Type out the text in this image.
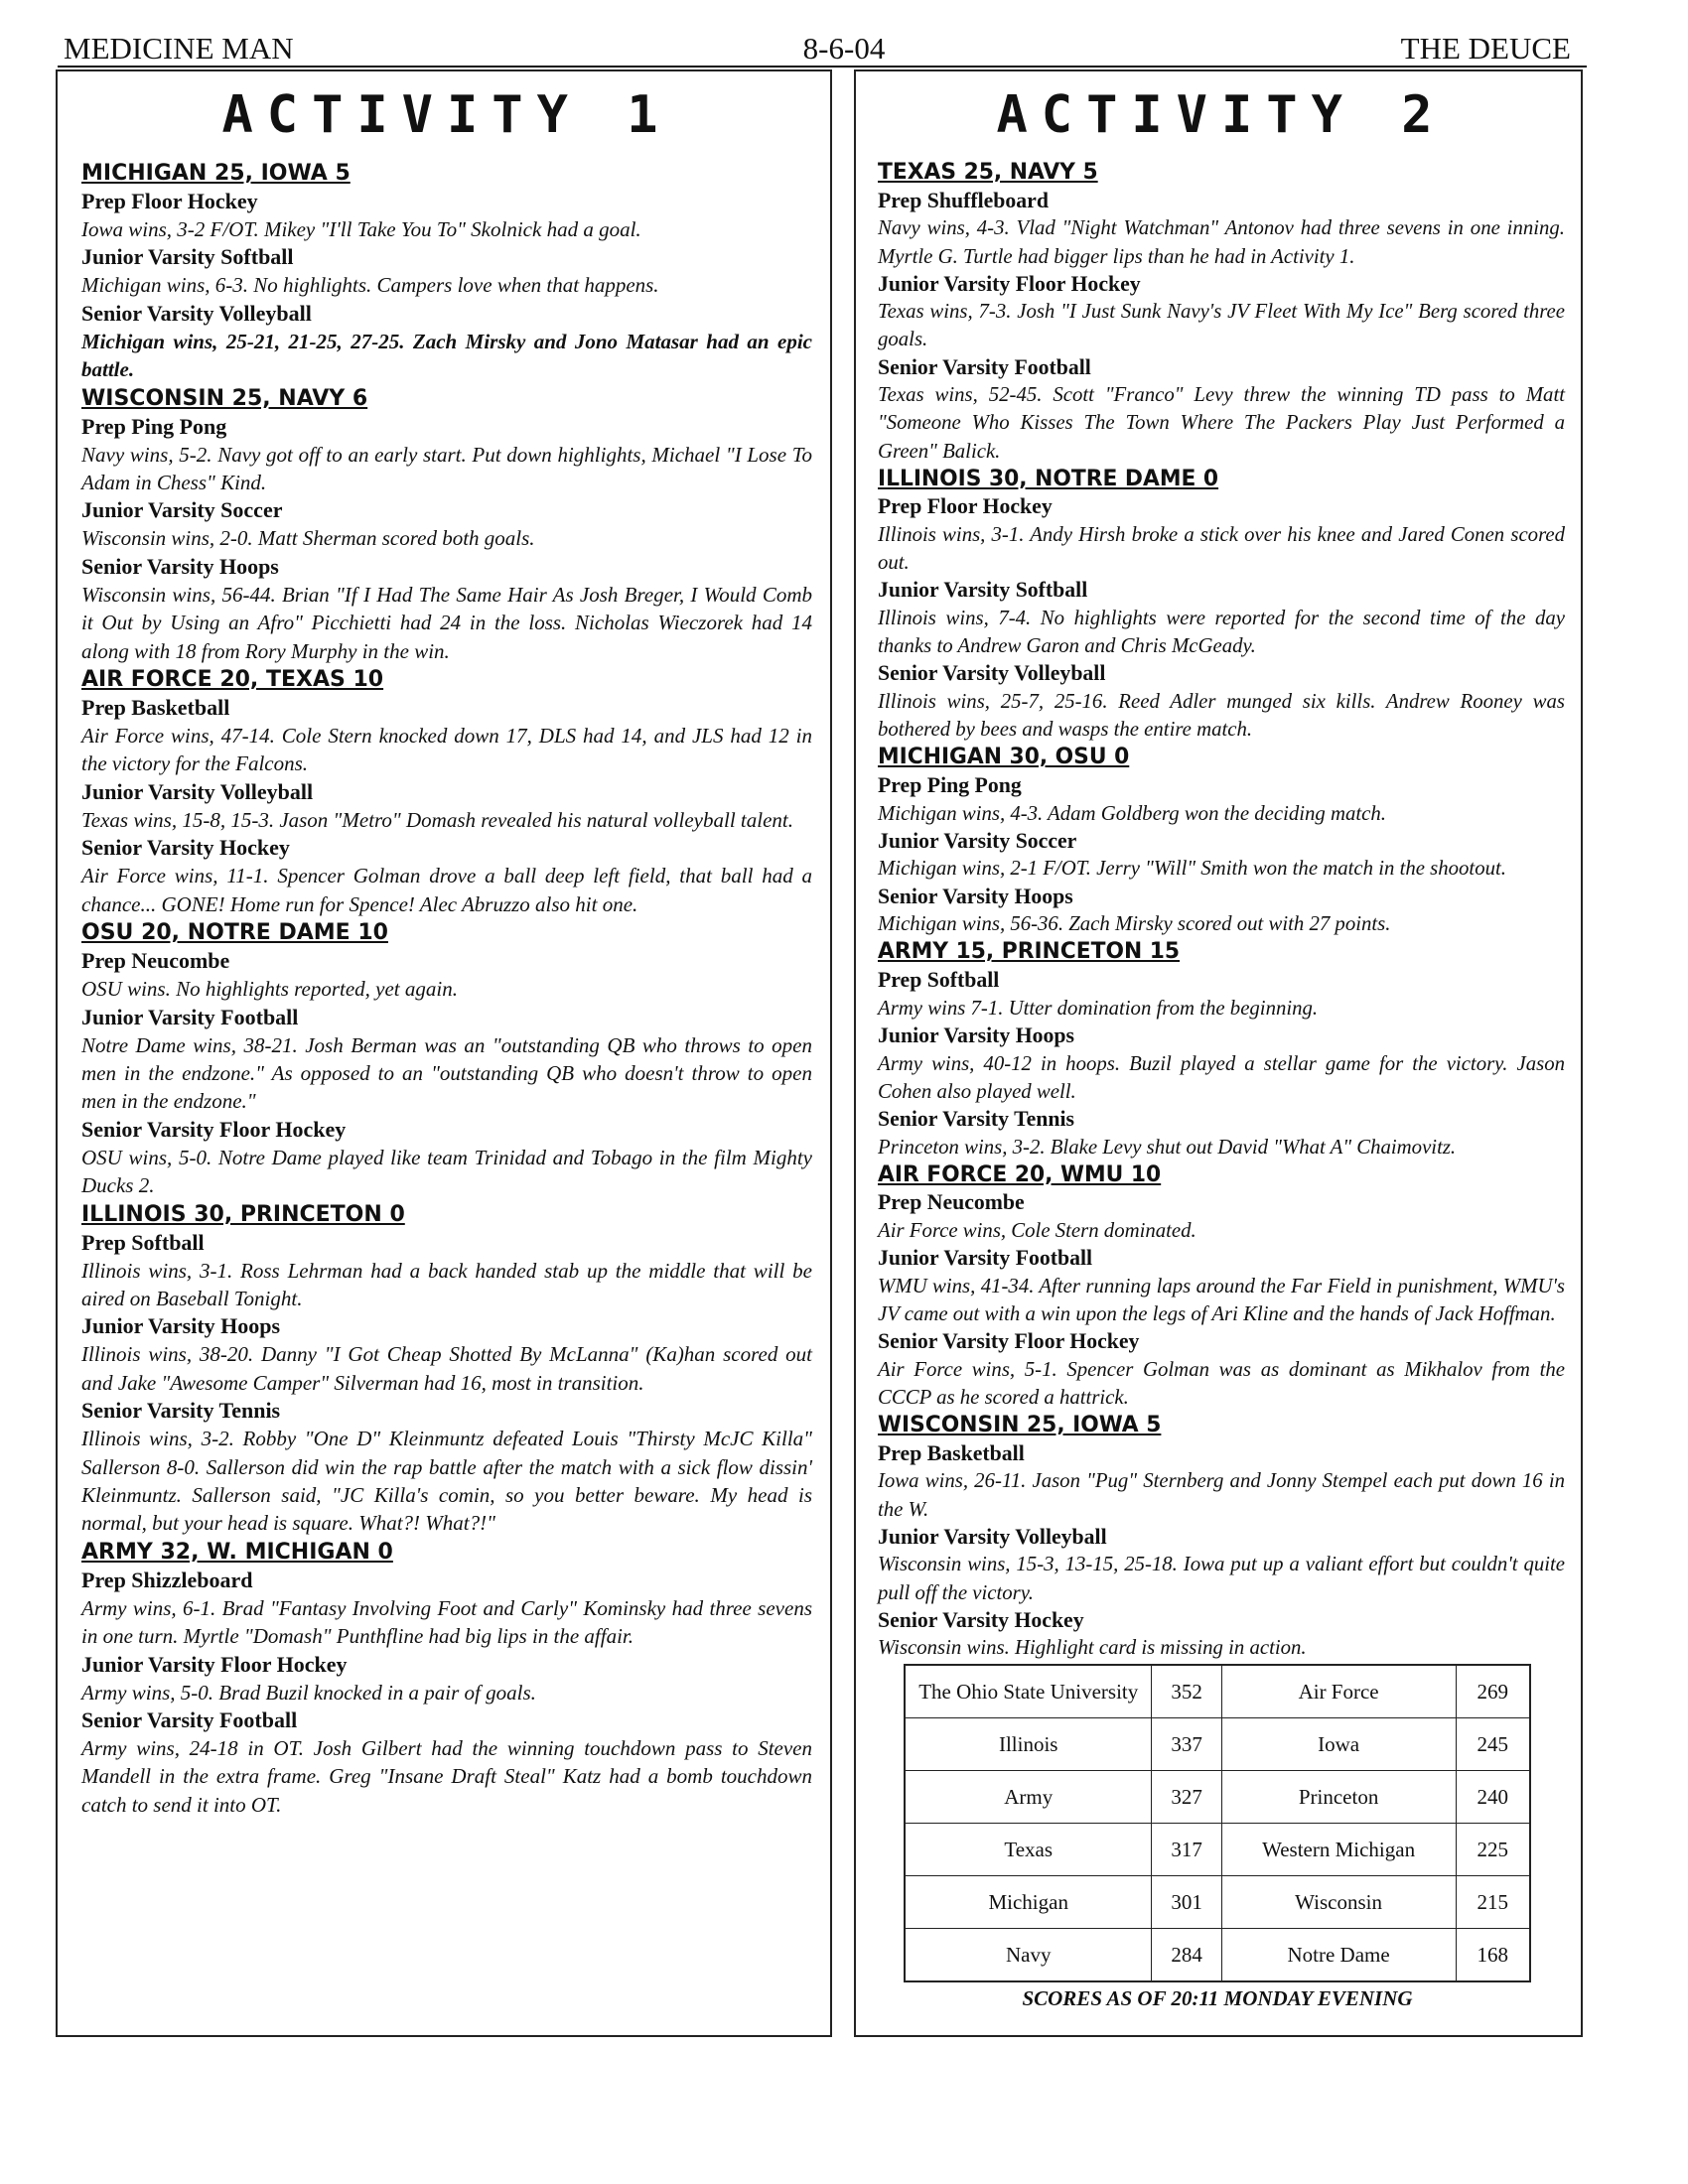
MEDICINE MAN	8-6-04	THE DEUCE
ACTIVITY 1
MICHIGAN 25, IOWA 5
Prep Floor Hockey
Iowa wins, 3-2 F/OT. Mikey "I'll Take You To" Skolnick had a goal.
Junior Varsity Softball
Michigan wins, 6-3. No highlights. Campers love when that happens.
Senior Varsity Volleyball
Michigan wins, 25-21, 21-25, 27-25. Zach Mirsky and Jono Matasar had an epic battle.
WISCONSIN 25, NAVY 6
Prep Ping Pong
Navy wins, 5-2. Navy got off to an early start. Put down highlights, Michael "I Lose To Adam in Chess" Kind.
Junior Varsity Soccer
Wisconsin wins, 2-0. Matt Sherman scored both goals.
Senior Varsity Hoops
Wisconsin wins, 56-44. Brian "If I Had The Same Hair As Josh Breger, I Would Comb it Out by Using an Afro" Picchietti had 24 in the loss. Nicholas Wieczorek had 14 along with 18 from Rory Murphy in the win.
AIR FORCE 20, TEXAS 10
Prep Basketball
Air Force wins, 47-14. Cole Stern knocked down 17, DLS had 14, and JLS had 12 in the victory for the Falcons.
Junior Varsity Volleyball
Texas wins, 15-8, 15-3. Jason "Metro" Domash revealed his natural volleyball talent.
Senior Varsity Hockey
Air Force wins, 11-1. Spencer Golman drove a ball deep left field, that ball had a chance... GONE! Home run for Spence! Alec Abruzzo also hit one.
OSU 20, NOTRE DAME 10
Prep Neucombe
OSU wins. No highlights reported, yet again.
Junior Varsity Football
Notre Dame wins, 38-21. Josh Berman was an "outstanding QB who throws to open men in the endzone." As opposed to an "outstanding QB who doesn't throw to open men in the endzone."
Senior Varsity Floor Hockey
OSU wins, 5-0. Notre Dame played like team Trinidad and Tobago in the film Mighty Ducks 2.
ILLINOIS 30, PRINCETON 0
Prep Softball
Illinois wins, 3-1. Ross Lehrman had a back handed stab up the middle that will be aired on Baseball Tonight.
Junior Varsity Hoops
Illinois wins, 38-20. Danny "I Got Cheap Shotted By McLanna" (Ka)han scored out and Jake "Awesome Camper" Silverman had 16, most in transition.
Senior Varsity Tennis
Illinois wins, 3-2. Robby "One D" Kleinmuntz defeated Louis "Thirsty McJC Killa" Sallerson 8-0. Sallerson did win the rap battle after the match with a sick flow dissin' Kleinmuntz. Sallerson said, "JC Killa's comin, so you better beware. My head is normal, but your head is square. What?! What?!"
ARMY 32, W. MICHIGAN 0
Prep Shizzleboard
Army wins, 6-1. Brad "Fantasy Involving Foot and Carly" Kominsky had three sevens in one turn. Myrtle "Domash" Punthfline had big lips in the affair.
Junior Varsity Floor Hockey
Army wins, 5-0. Brad Buzil knocked in a pair of goals.
Senior Varsity Football
Army wins, 24-18 in OT. Josh Gilbert had the winning touchdown pass to Steven Mandell in the extra frame. Greg "Insane Draft Steal" Katz had a bomb touchdown catch to send it into OT.
ACTIVITY 2
TEXAS 25, NAVY 5
Prep Shuffleboard
Navy wins, 4-3. Vlad "Night Watchman" Antonov had three sevens in one inning. Myrtle G. Turtle had bigger lips than he had in Activity 1.
Junior Varsity Floor Hockey
Texas wins, 7-3. Josh "I Just Sunk Navy's JV Fleet With My Ice" Berg scored three goals.
Senior Varsity Football
Texas wins, 52-45. Scott "Franco" Levy threw the winning TD pass to Matt "Someone Who Kisses The Town Where The Packers Play Just Performed a Green" Balick.
ILLINOIS 30, NOTRE DAME 0
Prep Floor Hockey
Illinois wins, 3-1. Andy Hirsh broke a stick over his knee and Jared Conen scored out.
Junior Varsity Softball
Illinois wins, 7-4. No highlights were reported for the second time of the day thanks to Andrew Garon and Chris McGeady.
Senior Varsity Volleyball
Illinois wins, 25-7, 25-16. Reed Adler munged six kills. Andrew Rooney was bothered by bees and wasps the entire match.
MICHIGAN 30, OSU 0
Prep Ping Pong
Michigan wins, 4-3. Adam Goldberg won the deciding match.
Junior Varsity Soccer
Michigan wins, 2-1 F/OT. Jerry "Will" Smith won the match in the shootout.
Senior Varsity Hoops
Michigan wins, 56-36. Zach Mirsky scored out with 27 points.
ARMY 15, PRINCETON 15
Prep Softball
Army wins 7-1. Utter domination from the beginning.
Junior Varsity Hoops
Army wins, 40-12 in hoops. Buzil played a stellar game for the victory. Jason Cohen also played well.
Senior Varsity Tennis
Princeton wins, 3-2. Blake Levy shut out David "What A" Chaimovitz.
AIR FORCE 20, WMU 10
Prep Neucombe
Air Force wins, Cole Stern dominated.
Junior Varsity Football
WMU wins, 41-34. After running laps around the Far Field in punishment, WMU's JV came out with a win upon the legs of Ari Kline and the hands of Jack Hoffman.
Senior Varsity Floor Hockey
Air Force wins, 5-1. Spencer Golman was as dominant as Mikhalov from the CCCP as he scored a hattrick.
WISCONSIN 25, IOWA 5
Prep Basketball
Iowa wins, 26-11. Jason "Pug" Sternberg and Jonny Stempel each put down 16 in the W.
Junior Varsity Volleyball
Wisconsin wins, 15-3, 13-15, 25-18. Iowa put up a valiant effort but couldn't quite pull off the victory.
Senior Varsity Hockey
Wisconsin wins. Highlight card is missing in action.
The Ohio State University	352	Air Force	269
Illinois	337	Iowa	245
Army	327	Princeton	240
Texas	317	Western Michigan	225
Michigan	301	Wisconsin	215
Navy	284	Notre Dame	168
SCORES AS OF 20:11 MONDAY EVENING
